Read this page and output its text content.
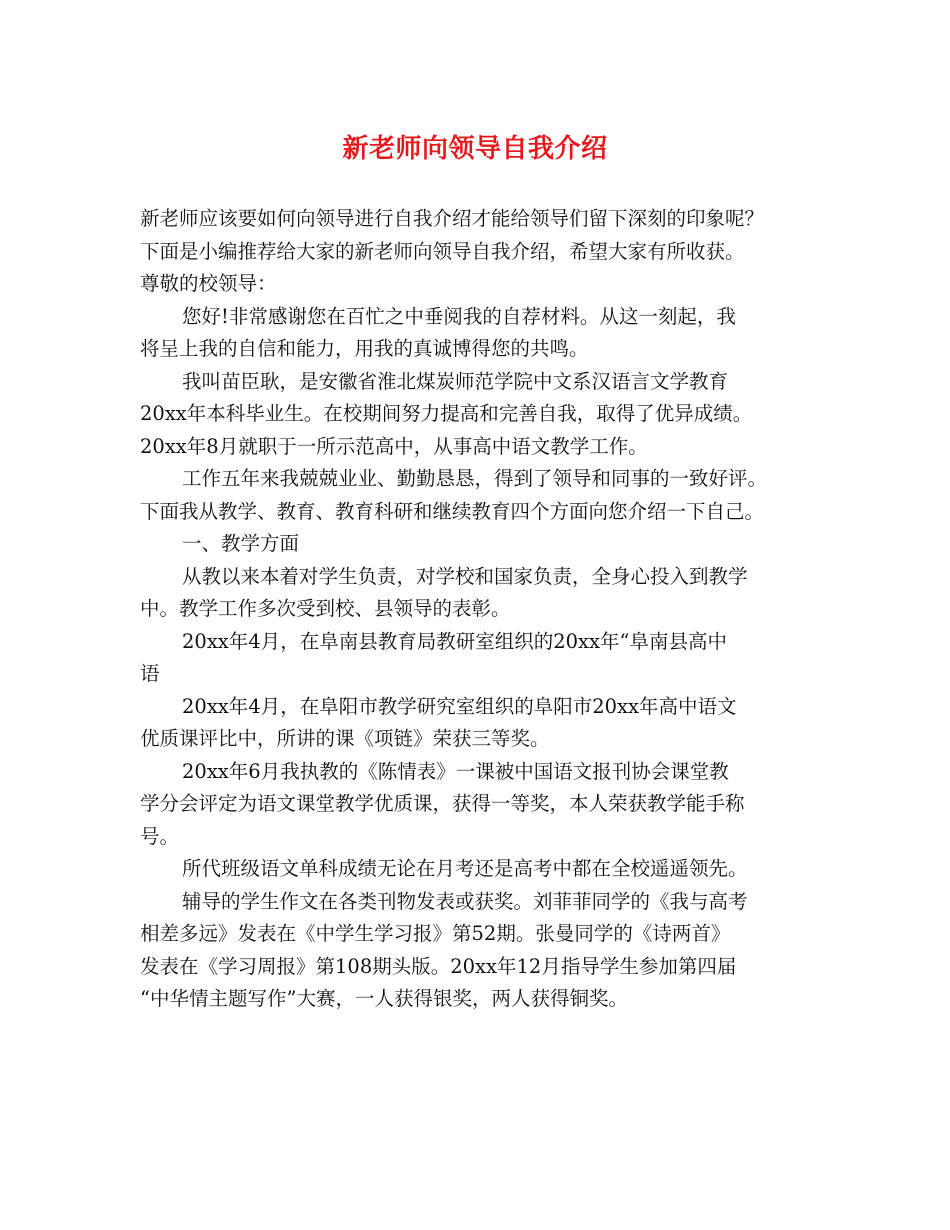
新老师向领导自我介绍

新老师应该要如何向领导进行自我介绍才能给领导们留下深刻的印象呢？

下面是小编推荐给大家的新老师向领导自我介绍，希望大家有所收获。

尊敬的校领导：

您好!非常感谢您在百忙之中垂阅我的自荐材料。从这一刻起，我

将呈上我的自信和能力，用我的真诚博得您的共鸣。

我叫苗臣耿，是安徽省淮北煤炭师范学院中文系汉语言文学教育

20xx年本科毕业生。在校期间努力提高和完善自我，取得了优异成绩。

20xx年8月就职于一所示范高中，从事高中语文教学工作。

工作五年来我兢兢业业、勤勤恳恳，得到了领导和同事的一致好评。

下面我从教学、教育、教育科研和继续教育四个方面向您介绍一下自己。

一、教学方面

从教以来本着对学生负责，对学校和国家负责，全身心投入到教学

中。教学工作多次受到校、县领导的表彰。

20xx年4月，在阜南县教育局教研室组织的20xx年“阜南县高中

语

20xx年4月，在阜阳市教学研究室组织的阜阳市20xx年高中语文

优质课评比中，所讲的课《项链》荣获三等奖。

20xx年6月我执教的《陈情表》一课被中国语文报刊协会课堂教

学分会评定为语文课堂教学优质课，获得一等奖，本人荣获教学能手称

号。

所代班级语文单科成绩无论在月考还是高考中都在全校遥遥领先。

辅导的学生作文在各类刊物发表或获奖。刘菲菲同学的《我与高考

相差多远》发表在《中学生学习报》第52期。张曼同学的《诗两首》

发表在《学习周报》第108期头版。20xx年12月指导学生参加第四届

“中华情主题写作”大赛，一人获得银奖，两人获得铜奖。
